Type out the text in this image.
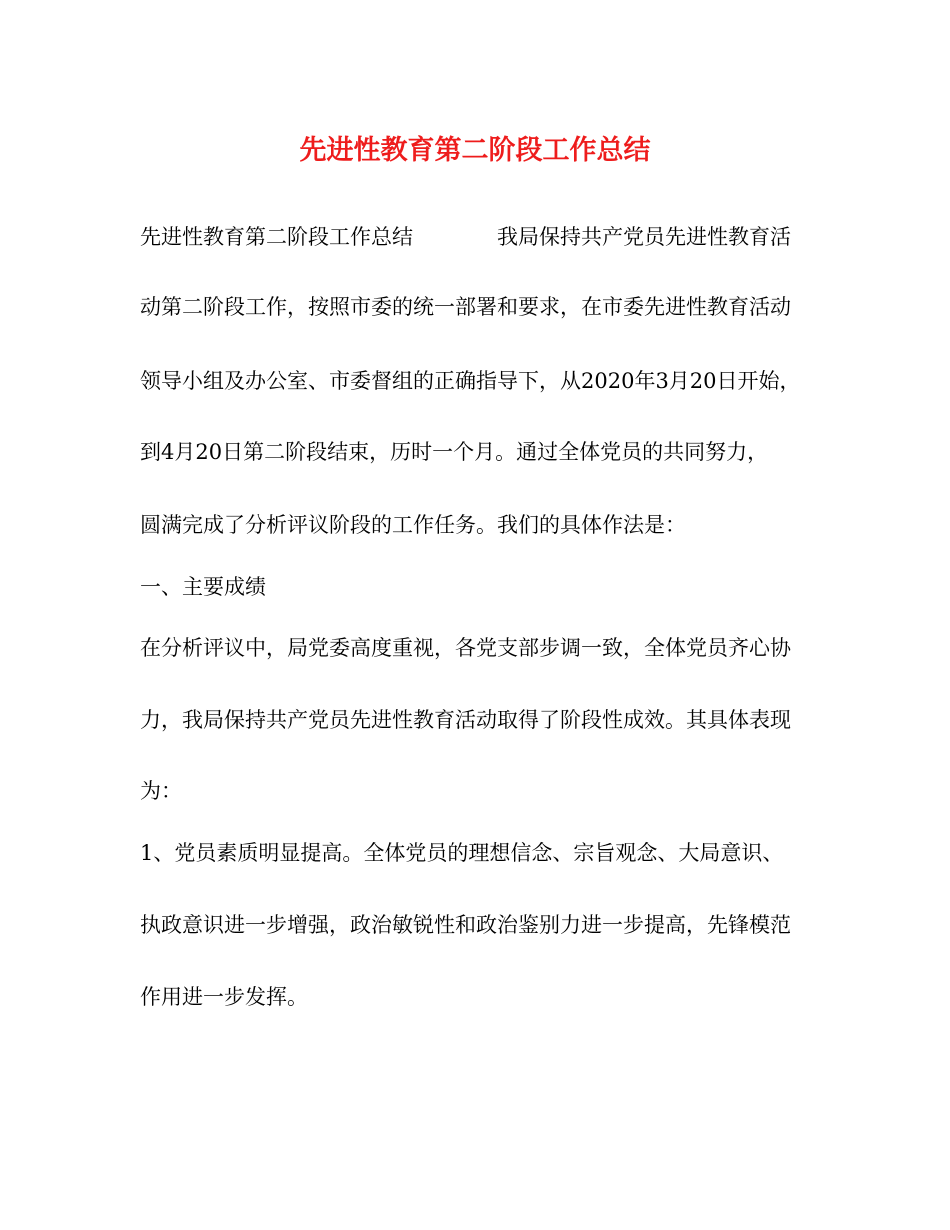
先进性教育第二阶段工作总结
先进性教育第二阶段工作总结　　　　我局保持共产党员先进性教育活
动第二阶段工作，按照市委的统一部署和要求，在市委先进性教育活动
领导小组及办公室、市委督组的正确指导下，从2020年3月20日开始，
到4月20日第二阶段结束，历时一个月。通过全体党员的共同努力，
圆满完成了分析评议阶段的工作任务。我们的具体作法是：
一、主要成绩
在分析评议中，局党委高度重视，各党支部步调一致，全体党员齐心协
力，我局保持共产党员先进性教育活动取得了阶段性成效。其具体表现
为：
1、党员素质明显提高。全体党员的理想信念、宗旨观念、大局意识、
执政意识进一步增强，政治敏锐性和政治鉴别力进一步提高，先锋模范
作用进一步发挥。
